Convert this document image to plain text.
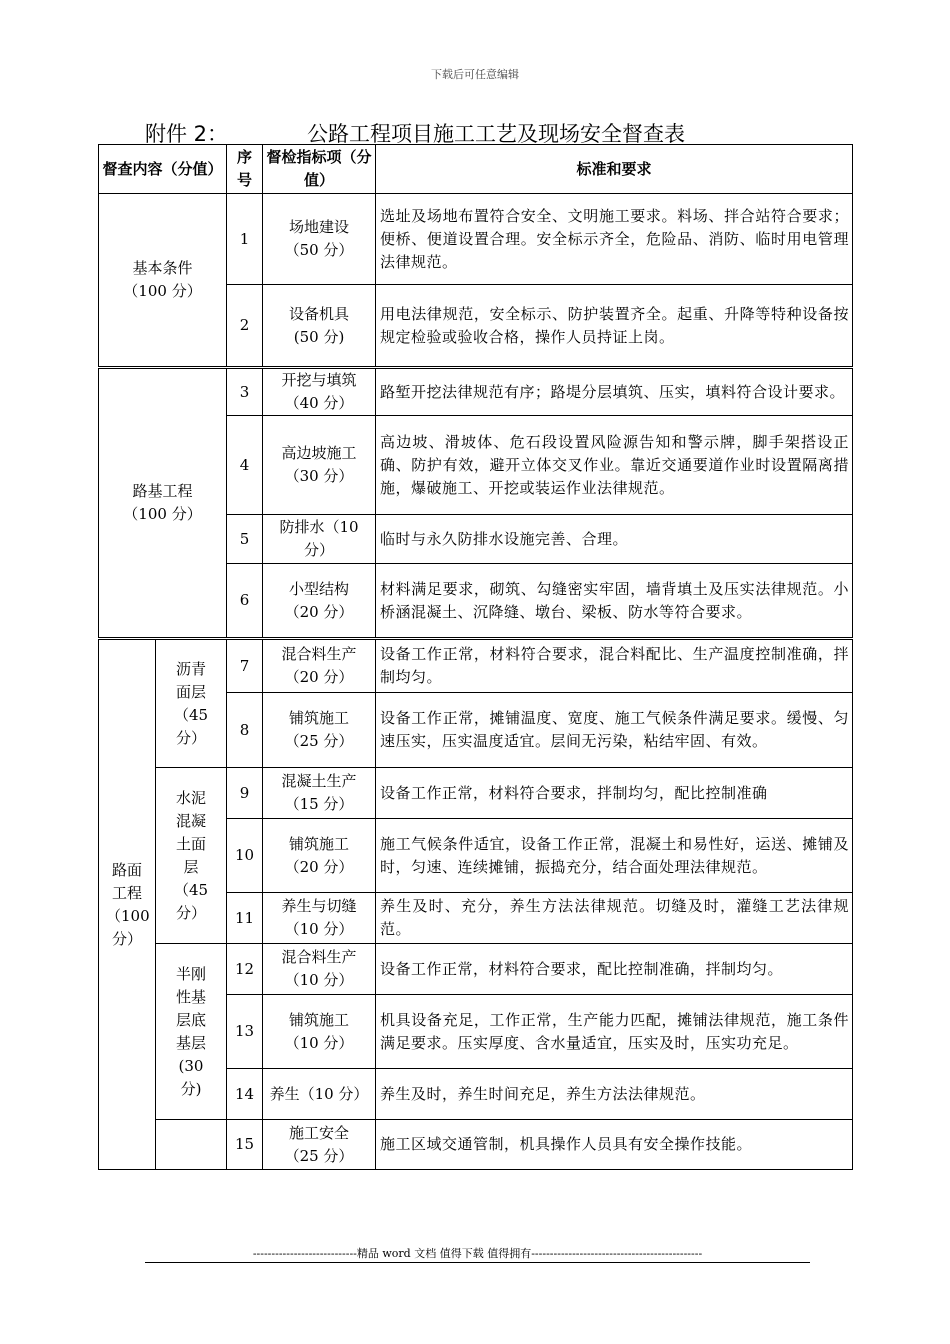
下载后可任意编辑
附件 2：	公路工程项目施工工艺及现场安全督查表
督查内容（分值）		序号	督检指标项（分值）	标准和要求

基本条件（100 分）		1	场地建设（50 分）	选址及场地布置符合安全、文明施工要求。料场、拌合站符合要求；便桥、便道设置合理。安全标示齐全，危险品、消防、临时用电管理法律规范。
		2	设备机具(50 分)	用电法律规范，安全标示、防护装置齐全。起重、升降等特种设备按规定检验或验收合格，操作人员持证上岗。

路基工程（100 分）		3	开挖与填筑（40 分）	路堑开挖法律规范有序；路堤分层填筑、压实，填料符合设计要求。
		4	高边坡施工（30 分）	高边坡、滑坡体、危石段设置风险源告知和警示牌，脚手架搭设正确、防护有效，避开立体交叉作业。靠近交通要道作业时设置隔离措施，爆破施工、开挖或装运作业法律规范。
		5	防排水（10 分）	临时与永久防排水设施完善、合理。
		6	小型结构（20 分）	材料满足要求，砌筑、勾缝密实牢固，墙背填土及压实法律规范。小桥涵混凝土、沉降缝、墩台、梁板、防水等符合要求。

路面工程（100 分）	沥青面层（45 分）	7	混合料生产（20 分）	设备工作正常，材料符合要求，混合料配比、生产温度控制准确，拌制均匀。
		8	铺筑施工（25 分）	设备工作正常，摊铺温度、宽度、施工气候条件满足要求。缓慢、匀速压实，压实温度适宜。层间无污染，粘结牢固、有效。

	水泥混凝土面层（45 分）	9	混凝土生产（15 分）	设备工作正常，材料符合要求，拌制均匀，配比控制准确
		10	铺筑施工（20 分）	施工气候条件适宜，设备工作正常，混凝土和易性好，运送、摊铺及时，匀速、连续摊铺，振捣充分，结合面处理法律规范。
		11	养生与切缝（10 分）	养生及时、充分，养生方法法律规范。切缝及时，灌缝工艺法律规范。

	半刚性基层底基层(30 分)	12	混合料生产（10 分）	设备工作正常，材料符合要求，配比控制准确，拌制均匀。
		13	铺筑施工（10 分）	机具设备充足，工作正常，生产能力匹配，摊铺法律规范，施工条件满足要求。压实厚度、含水量适宜，压实及时，压实功充足。
		14	养生（10 分）	养生及时，养生时间充足，养生方法法律规范。
		15	施工安全（25 分）	施工区域交通管制，机具操作人员具有安全操作技能。
----------------------------精品 word 文档 值得下载 值得拥有----------------------------------------------
